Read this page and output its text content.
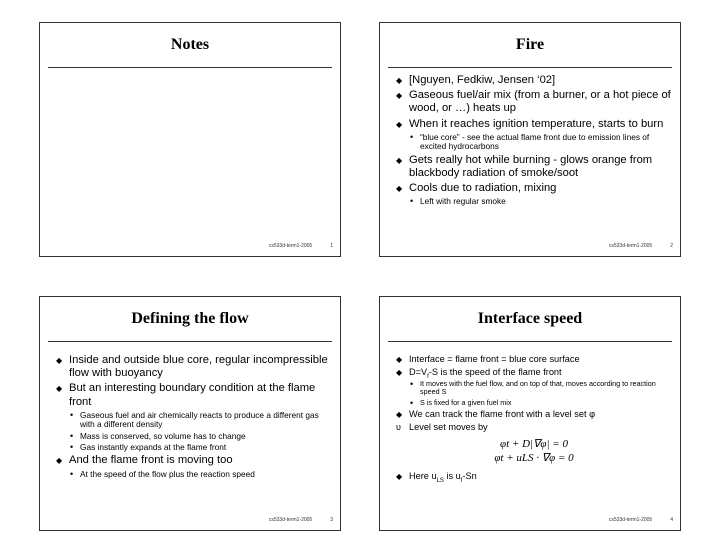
Notes
cs533d-term1-2005	1
Fire
◆ [Nguyen, Fedkiw, Jensen ‘02]
◆ Gaseous fuel/air mix (from a burner, or a hot piece of wood, or …) heats up
◆ When it reaches ignition temperature, starts to burn
• “blue core” - see the actual flame front due to emission lines of excited hydrocarbons
◆ Gets really hot while burning - glows orange from blackbody radiation of smoke/soot
◆ Cools due to radiation, mixing
• Left with regular smoke
cs533d-term1-2005	2
Defining the flow
◆ Inside and outside blue core, regular incompressible flow with buoyancy
◆ But an interesting boundary condition at the flame front
• Gaseous fuel and air chemically reacts to produce a different gas with a different density
• Mass is conserved, so volume has to change
• Gas instantly expands at the flame front
◆ And the flame front is moving too
• At the speed of the flow plus the reaction speed
cs533d-term1-2005	3
Interface speed
◆ Interface = flame front = blue core surface
◆ $D=V_f-S$ is the speed of the flame front
• It moves with the fuel flow, and on top of that, moves according to reaction speed S
• S is fixed for a given fuel mix
◆ We can track the flame front with a level set φ
υ Level set moves by
φt + D|∇φ| = 0
φt + uLS · ∇φ = 0
◆ Here $u_{LS}$ is $u_f-Sn$
cs533d-term1-2005	4
